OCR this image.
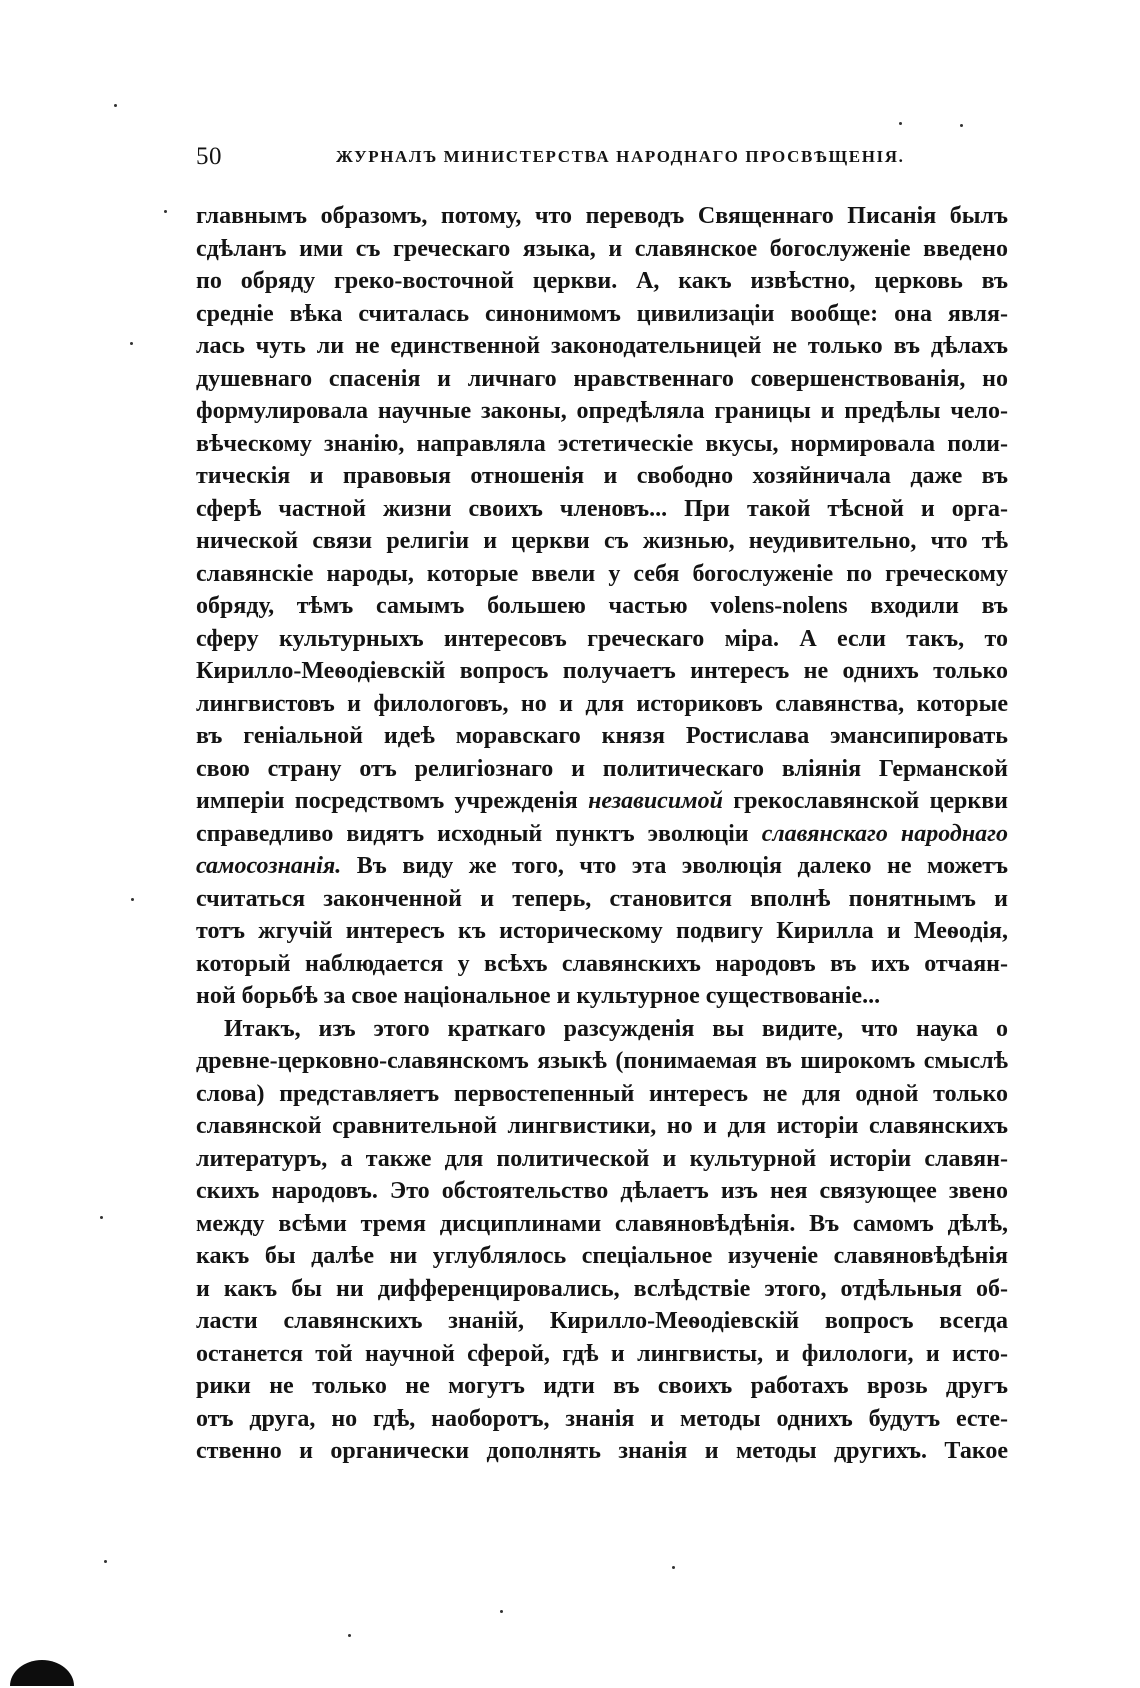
50	ЖУРНАЛЪ МИНИСТЕРСТВА НАРОДНАГО ПРОСВѢЩЕНІЯ.
главнымъ образомъ, потому, что переводъ Священнаго Писанія былъ
сдѣланъ ими съ греческаго языка, и славянское богослуженіе введено
по обряду греко-восточной церкви. А, какъ извѣстно, церковь въ
средніе вѣка считалась синонимомъ цивилизаціи вообще: она явля-
лась чуть ли не единственной законодательницей не только въ дѣлахъ
душевнаго спасенія и личнаго нравственнаго совершенствованія, но
формулировала научные законы, опредѣляла границы и предѣлы чело-
вѣческому знанію, направляла эстетическіе вкусы, нормировала поли-
тическія и правовыя отношенія и свободно хозяйничала даже въ
сферѣ частной жизни своихъ членовъ... При такой тѣсной и орга-
нической связи религіи и церкви съ жизнью, неудивительно, что тѣ
славянскіе народы, которые ввели у себя богослуженіе по греческому
обряду, тѣмъ самымъ большею частью volens-nolens входили въ
сферу культурныхъ интересовъ греческаго міра. А если такъ, то
Кирилло-Меѳодіевскій вопросъ получаетъ интересъ не однихъ только
лингвистовъ и филологовъ, но и для историковъ славянства, которые
въ геніальной идеѣ моравскаго князя Ростислава эмансипировать
свою страну отъ религіознаго и политическаго вліянія Германской
имперіи посредствомъ учрежденія независимой грекославянской церкви
справедливо видятъ исходный пунктъ эволюціи славянскаго народнаго
самосознанія. Въ виду же того, что эта эволюція далеко не можетъ
считаться законченной и теперь, становится вполнѣ понятнымъ и
тотъ жгучій интересъ къ историческому подвигу Кирилла и Меѳодія,
который наблюдается у всѣхъ славянскихъ народовъ въ ихъ отчаян-
ной борьбѣ за свое національное и культурное существованіе...
Итакъ, изъ этого краткаго разсужденія вы видите, что наука о
древне-церковно-славянскомъ языкѣ (понимаемая въ широкомъ смыслѣ
слова) представляетъ первостепенный интересъ не для одной только
славянской сравнительной лингвистики, но и для исторіи славянскихъ
литературъ, а также для политической и культурной исторіи славян-
скихъ народовъ. Это обстоятельство дѣлаетъ изъ нея связующее звено
между всѣми тремя дисциплинами славяновѣдѣнія. Въ самомъ дѣлѣ,
какъ бы далѣе ни углублялось спеціальное изученіе славяновѣдѣнія
и какъ бы ни дифференцировались, вслѣдствіе этого, отдѣльныя об-
ласти славянскихъ знаній, Кирилло-Меѳодіевскій вопросъ всегда
останется той научной сферой, гдѣ и лингвисты, и филологи, и исто-
рики не только не могутъ идти въ своихъ работахъ врозь другъ
отъ друга, но гдѣ, наоборотъ, знанія и методы однихъ будутъ есте-
ственно и органически дополнять знанія и методы другихъ. Такое
